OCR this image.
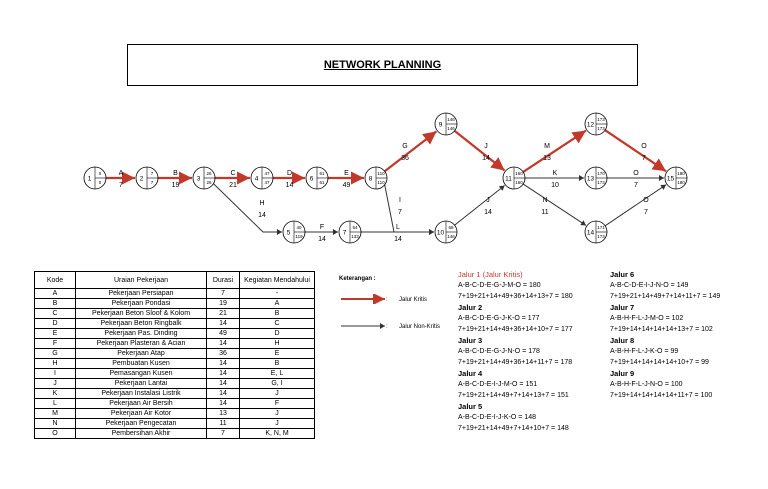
NETWORK PLANNING
A
7
B
19
C
21
D
14
E
49
G
36
J
14
M
13
O
7
H
14
F
14
L
14
I
7
J
14
K
10
N
11
O
7
O
7
1
0
0	2
7
7	3
26
26	4
47
47
5
40
119
6
61
61
7
54
133
8
110
110
9
146
146
10
68
146
11
160
160
12
173
173
13
170
173
14
171
173
15
180
180
Kode	Uraian Pekerjaan	Durasi	Kegiatan Mendahului
A	Pekerjaan Persiapan	7	-
B	Pekerjaan Pondasi	19	A
C	Pekerjaan Beton Sloof & Kolom	21	B
D	Pekerjaan Beton Ringbalk	14	C
E	Pekerjaan Pas. Dinding	49	D
F	Pekerjaan Plasteran & Acian	14	H
G	Pekerjaan Atap	36	E
H	Pembuatan Kusen	14	B
I	Pemasangan Kusen	14	E, L
J	Pekerjaan Lantai	14	G, I
K	Pekerjaan Instalasi Listrik	14	J
L	Pekerjaan Air Bersih	14	F
M	Pekerjaan Air Kotor	13	J
N	Pekerjaan Pengecatan	11	J
O	Pembersihan Akhir	7	K, N, M
Keterangan :
: Jalur Kritis
: Jalur Non-Kritis
Jalur 1 (Jalur Kritis)
A-B-C-D-E-G-J-M-O = 180
7+19+21+14+49+36+14+13+7 = 180
Jalur 2
A-B-C-D-E-G-J-K-O = 177
7+19+21+14+49+36+14+10+7 = 177
Jalur 3
A-B-C-D-E-G-J-N-O = 178
7+19+21+14+49+36+14+11+7 = 178
Jalur 4
A-B-C-D-E-I-J-M-O = 151
7+19+21+14+49+7+14+13+7 = 151
Jalur 5
A-B-C-D-E-I-J-K-O = 148
7+19+21+14+49+7+14+10+7 = 148
Jalur 6
A-B-C-D-E-I-J-N-O = 149
7+19+21+14+49+7+14+11+7 = 149
Jalur 7
A-B-H-F-L-J-M-O = 102
7+19+14+14+14+14+13+7 = 102
Jalur 8
A-B-H-F-L-J-K-O = 99
7+19+14+14+14+14+10+7 = 99
Jalur 9
A-B-H-F-L-J-N-O = 100
7+19+14+14+14+14+11+7 = 100
